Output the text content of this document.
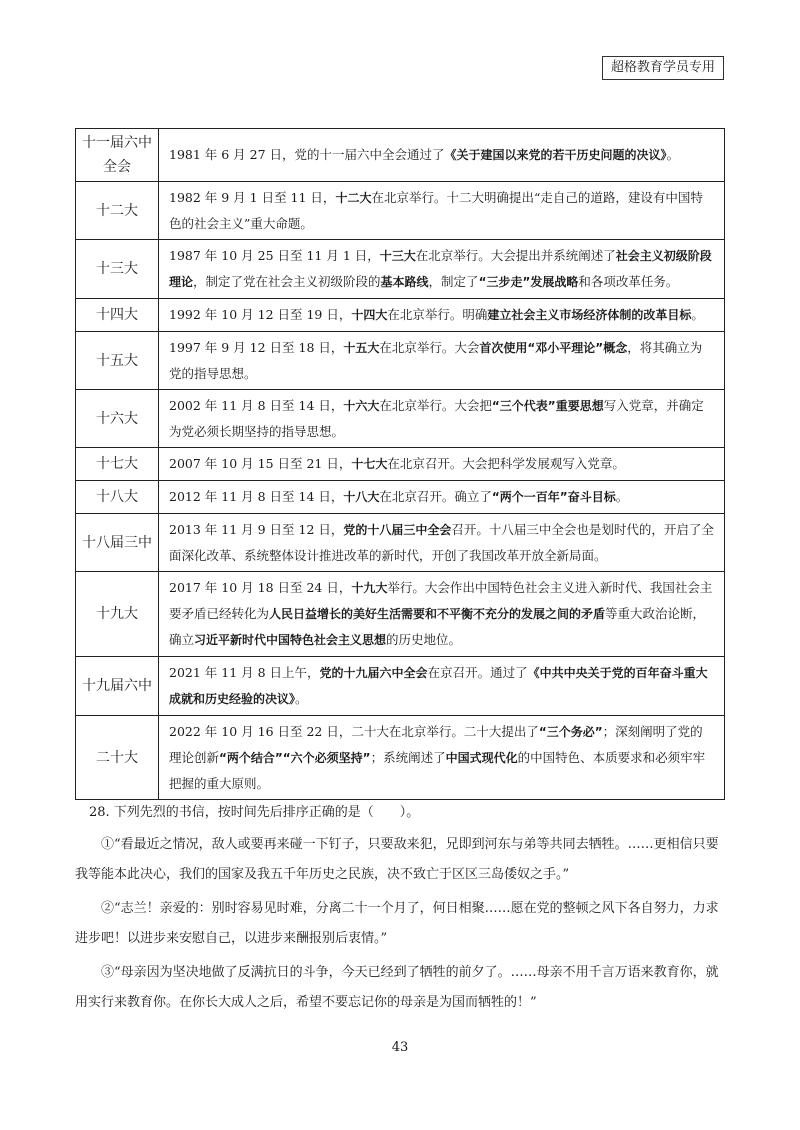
超格教育学员专用
十一届六中全会	1981 年 6 月 27 日，党的十一届六中全会通过了《关于建国以来党的若干历史问题的决议》。
十二大	1982 年 9 月 1 日至 11 日，十二大在北京举行。十二大明确提出“走自己的道路，建设有中国特色的社会主义”重大命题。
十三大	1987 年 10 月 25 日至 11 月 1 日，十三大在北京举行。大会提出并系统阐述了社会主义初级阶段理论，制定了党在社会主义初级阶段的基本路线，制定了“三步走”发展战略和各项改革任务。
十四大	1992 年 10 月 12 日至 19 日，十四大在北京举行。明确建立社会主义市场经济体制的改革目标。
十五大	1997 年 9 月 12 日至 18 日，十五大在北京举行。大会首次使用“邓小平理论”概念，将其确立为党的指导思想。
十六大	2002 年 11 月 8 日至 14 日，十六大在北京举行。大会把“三个代表”重要思想写入党章，并确定为党必须长期坚持的指导思想。
十七大	2007 年 10 月 15 日至 21 日，十七大在北京召开。大会把科学发展观写入党章。
十八大	2012 年 11 月 8 日至 14 日，十八大在北京召开。确立了“两个一百年”奋斗目标。
十八届三中	2013 年 11 月 9 日至 12 日，党的十八届三中全会召开。十八届三中全会也是划时代的，开启了全面深化改革、系统整体设计推进改革的新时代，开创了我国改革开放全新局面。
十九大	2017 年 10 月 18 日至 24 日，十九大举行。大会作出中国特色社会主义进入新时代、我国社会主要矛盾已经转化为人民日益增长的美好生活需要和不平衡不充分的发展之间的矛盾等重大政治论断，确立习近平新时代中国特色社会主义思想的历史地位。
十九届六中	2021 年 11 月 8 日上午，党的十九届六中全会在京召开。通过了《中共中央关于党的百年奋斗重大成就和历史经验的决议》。
二十大	2022 年 10 月 16 日至 22 日，二十大在北京举行。二十大提出了“三个务必”；深刻阐明了党的理论创新“两个结合”“六个必须坚持”；系统阐述了中国式现代化的中国特色、本质要求和必须牢牢把握的重大原则。

28. 下列先烈的书信，按时间先后排序正确的是（　　）。

①“看最近之情况，敌人或要再来碰一下钉子，只要敌来犯，兄即到河东与弟等共同去牺牲。……更相信只要我等能本此决心，我们的国家及我五千年历史之民族，决不致亡于区区三岛倭奴之手。”

②“志兰！亲爱的：别时容易见时难，分离二十一个月了，何日相聚……愿在党的整顿之风下各自努力，力求进步吧！以进步来安慰自己，以进步来酬报别后衷情。”

③“母亲因为坚决地做了反满抗日的斗争，今天已经到了牺牲的前夕了。……母亲不用千言万语来教育你，就用实行来教育你。在你长大成人之后，希望不要忘记你的母亲是为国而牺牲的！”

43
